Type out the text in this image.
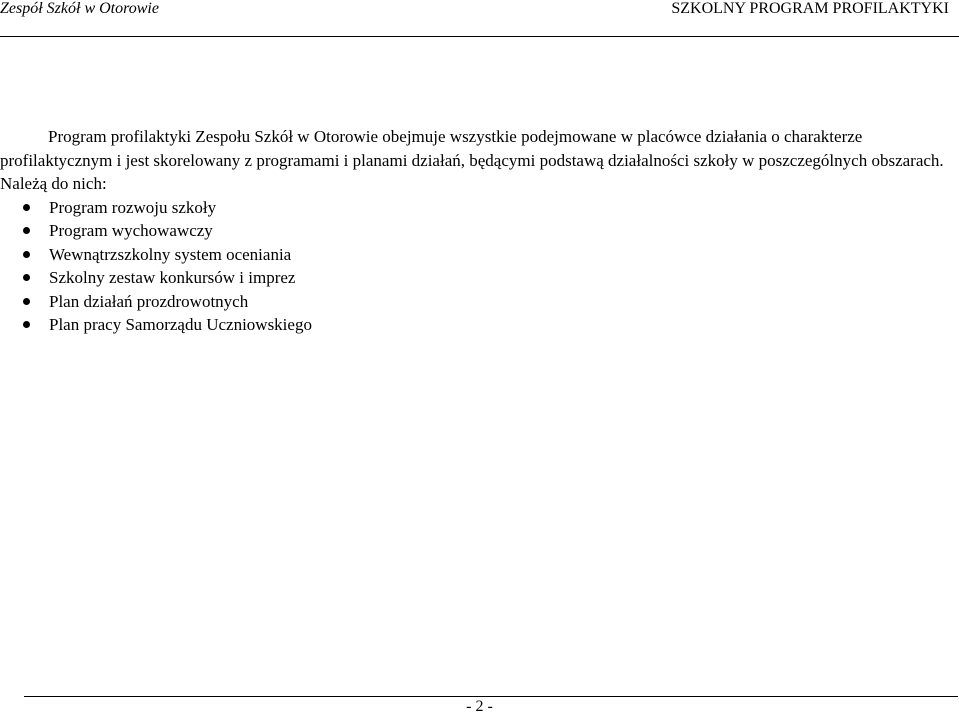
Zespół Szkół w Otorowie	SZKOLNY PROGRAM PROFILAKTYKI

Program profilaktyki Zespołu Szkół w Otorowie obejmuje wszystkie podejmowane w placówce działania o charakterze profilaktycznym i jest skorelowany z programami i planami działań, będącymi podstawą działalności szkoły w poszczególnych obszarach. Należą do nich:

Program rozwoju szkoły
Program wychowawczy
Wewnątrzszkolny system oceniania
Szkolny zestaw konkursów i imprez
Plan działań prozdrowotnych
Plan pracy Samorządu Uczniowskiego
- 2 -
